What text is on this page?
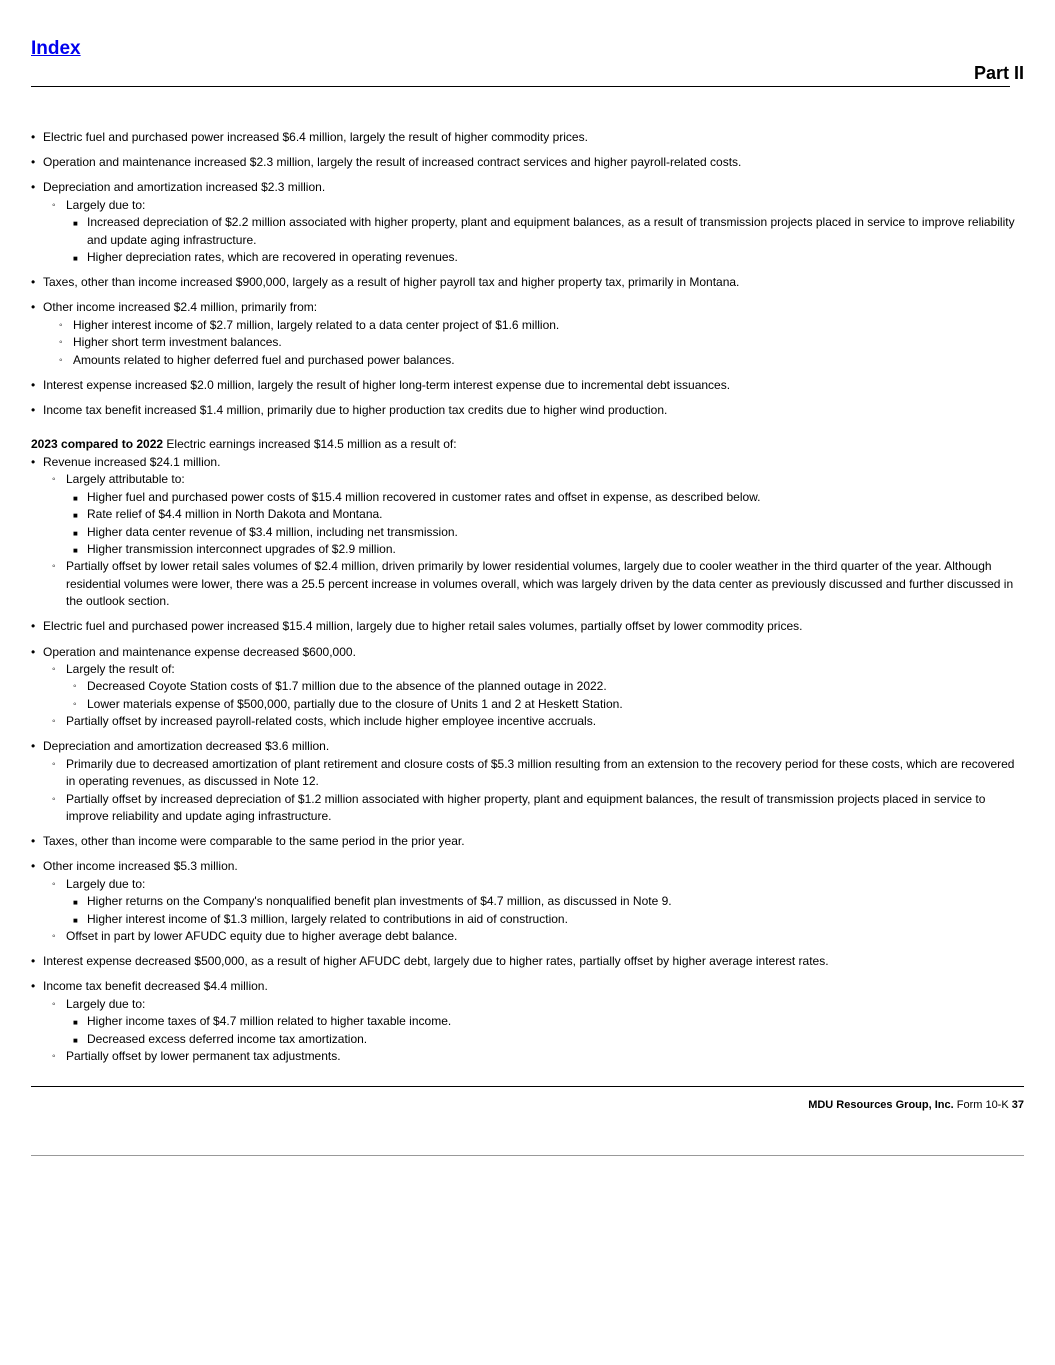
Index
Part II
• Electric fuel and purchased power increased $6.4 million, largely the result of higher commodity prices.
• Operation and maintenance increased $2.3 million, largely the result of increased contract services and higher payroll-related costs.
• Depreciation and amortization increased $2.3 million.
◦ Largely due to:
■ Increased depreciation of $2.2 million associated with higher property, plant and equipment balances, as a result of transmission projects placed in service to improve reliability and update aging infrastructure.
■ Higher depreciation rates, which are recovered in operating revenues.
• Taxes, other than income increased $900,000, largely as a result of higher payroll tax and higher property tax, primarily in Montana.
• Other income increased $2.4 million, primarily from:
◦ Higher interest income of $2.7 million, largely related to a data center project of $1.6 million.
◦ Higher short term investment balances.
◦ Amounts related to higher deferred fuel and purchased power balances.
• Interest expense increased $2.0 million, largely the result of higher long-term interest expense due to incremental debt issuances.
• Income tax benefit increased $1.4 million, primarily due to higher production tax credits due to higher wind production.
2023 compared to 2022 Electric earnings increased $14.5 million as a result of:
• Revenue increased $24.1 million.
◦ Largely attributable to:
■ Higher fuel and purchased power costs of $15.4 million recovered in customer rates and offset in expense, as described below.
■ Rate relief of $4.4 million in North Dakota and Montana.
■ Higher data center revenue of $3.4 million, including net transmission.
■ Higher transmission interconnect upgrades of $2.9 million.
◦ Partially offset by lower retail sales volumes of $2.4 million, driven primarily by lower residential volumes, largely due to cooler weather in the third quarter of the year. Although residential volumes were lower, there was a 25.5 percent increase in volumes overall, which was largely driven by the data center as previously discussed and further discussed in the outlook section.
• Electric fuel and purchased power increased $15.4 million, largely due to higher retail sales volumes, partially offset by lower commodity prices.
• Operation and maintenance expense decreased $600,000.
◦ Largely the result of:
◦ Decreased Coyote Station costs of $1.7 million due to the absence of the planned outage in 2022.
◦ Lower materials expense of $500,000, partially due to the closure of Units 1 and 2 at Heskett Station.
◦ Partially offset by increased payroll-related costs, which include higher employee incentive accruals.
• Depreciation and amortization decreased $3.6 million.
◦ Primarily due to decreased amortization of plant retirement and closure costs of $5.3 million resulting from an extension to the recovery period for these costs, which are recovered in operating revenues, as discussed in Note 12.
◦ Partially offset by increased depreciation of $1.2 million associated with higher property, plant and equipment balances, the result of transmission projects placed in service to improve reliability and update aging infrastructure.
• Taxes, other than income were comparable to the same period in the prior year.
• Other income increased $5.3 million.
◦ Largely due to:
■ Higher returns on the Company's nonqualified benefit plan investments of $4.7 million, as discussed in Note 9.
■ Higher interest income of $1.3 million, largely related to contributions in aid of construction.
◦ Offset in part by lower AFUDC equity due to higher average debt balance.
• Interest expense decreased $500,000, as a result of higher AFUDC debt, largely due to higher rates, partially offset by higher average interest rates.
• Income tax benefit decreased $4.4 million.
◦ Largely due to:
■ Higher income taxes of $4.7 million related to higher taxable income.
■ Decreased excess deferred income tax amortization.
◦ Partially offset by lower permanent tax adjustments.
MDU Resources Group, Inc. Form 10-K 37
